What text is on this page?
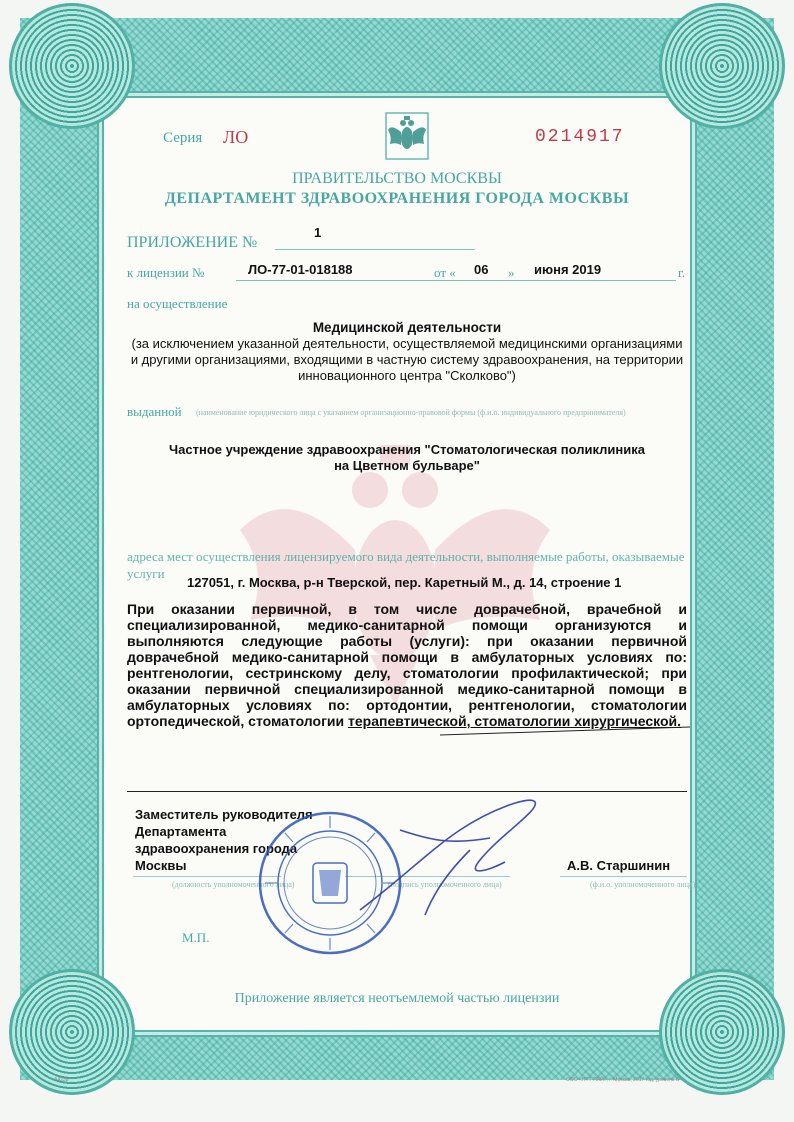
Серия ЛО	0214917
ПРАВИТЕЛЬСТВО МОСКВЫ
ДЕПАРТАМЕНТ ЗДРАВООХРАНЕНИЯ ГОРОДА МОСКВЫ
ПРИЛОЖЕНИЕ №
1
к лицензии №	ЛО-77-01-018188	от « 06 » июня 2019	г.
на осуществление
Медицинской деятельности
(за исключением указанной деятельности, осуществляемой медицинскими организациями и другими организациями, входящими в частную систему здравоохранения, на территории инновационного центра "Сколково")
выданной (наименование юридического лица с указанием организационно-правовой формы (ф.и.о. индивидуального предпринимателя)
Частное учреждение здравоохранения "Стоматологическая поликлиника
на Цветном бульваре"
адреса мест осуществления лицензируемого вида деятельности, выполняемые работы, оказываемые услуги
127051, г. Москва, р-н Тверской, пер. Каретный М., д. 14, строение 1
При оказании первичной, в том числе доврачебной, врачебной и специализированной, медико-санитарной помощи организуются и выполняются следующие работы (услуги): при оказании первичной доврачебной медико-санитарной помощи в амбулаторных условиях по: рентгенологии, сестринскому делу, стоматологии профилактической; при оказании первичной специализированной медико-санитарной помощи в амбулаторных условиях по: ортодонтии, рентгенологии, стоматологии ортопедической, стоматологии терапевтической, стоматологии хирургической.
Заместитель руководителя
Департамента
здравоохранения города
Москвы	А.В. Старшинин
(должность уполномоченного лица)	(подпись уполномоченного лица)	(ф.и.о. уполномоченного лица)
М.П.
Приложение является неотъемлемой частью лицензии
А4238	ООО «НТТ-ПАЙ», г. Москва, 2017 год, уровень В
